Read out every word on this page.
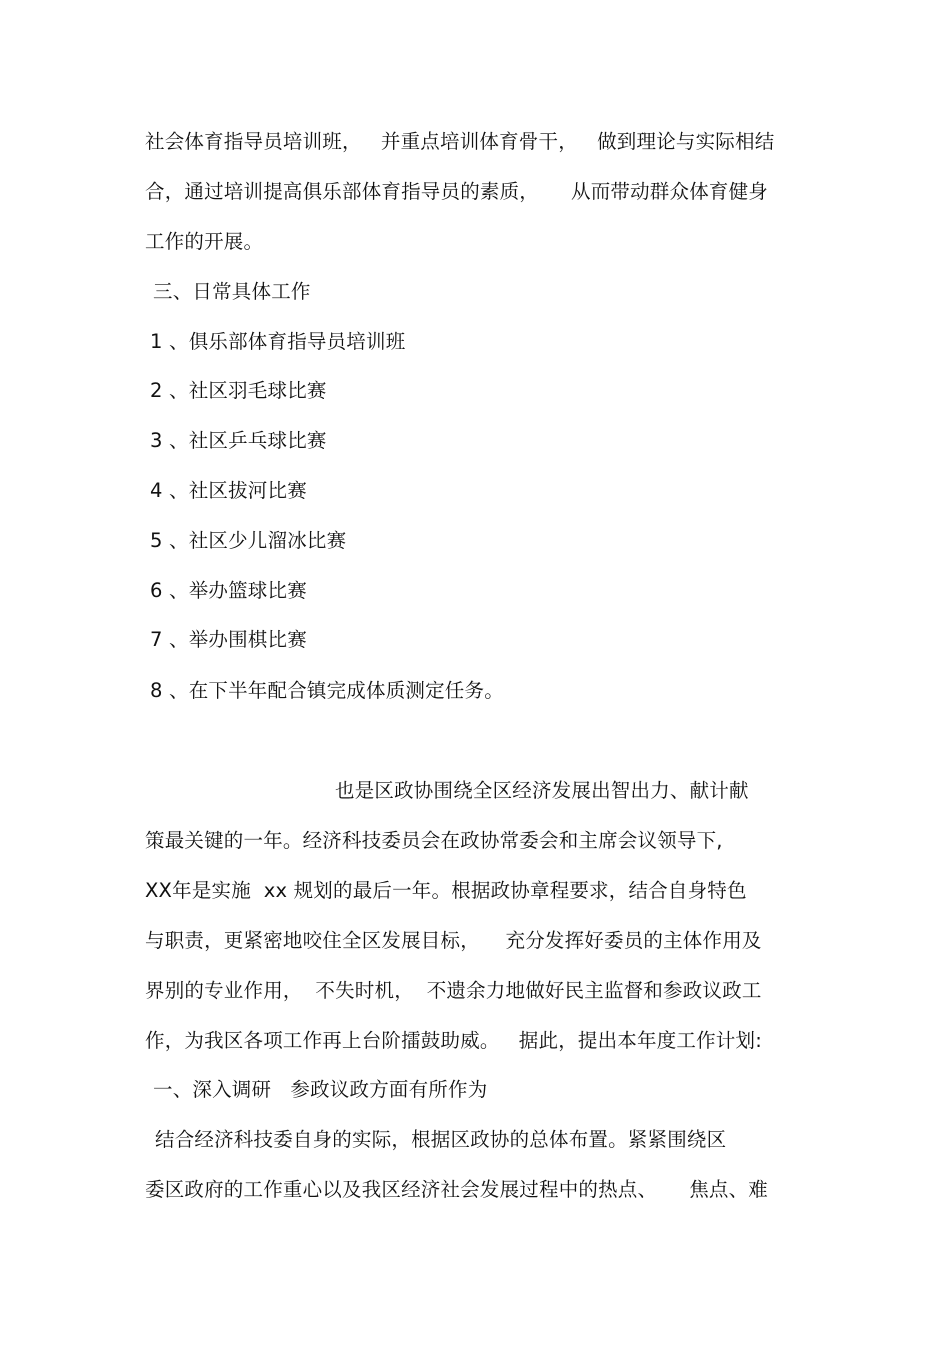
社会体育指导员培训班，   并重点培训体育骨干，   做到理论与实际相结
合，通过培训提高俱乐部体育指导员的素质，     从而带动群众体育健身
工作的开展。
三、日常具体工作
1 、俱乐部体育指导员培训班
2 、社区羽毛球比赛
3 、社区乒乓球比赛
4 、社区拔河比赛
5 、社区少儿溜冰比赛
6 、举办篮球比赛
7 、举办围棋比赛
8 、在下半年配合镇完成体质测定任务。
也是区政协围绕全区经济发展出智出力、献计献
策最关键的一年。经济科技委员会在政协常委会和主席会议领导下,
XX年是实施  xx 规划的最后一年。根据政协章程要求，结合自身特色
与职责，更紧密地咬住全区发展目标，    充分发挥好委员的主体作用及
界别的专业作用，  不失时机，  不遗余力地做好民主监督和参政议政工
作，为我区各项工作再上台阶擂鼓助威。   据此，提出本年度工作计划:
一、深入调研   参政议政方面有所作为
结合经济科技委自身的实际，根据区政协的总体布置。紧紧围绕区
委区政府的工作重心以及我区经济社会发展过程中的热点、     焦点、难
